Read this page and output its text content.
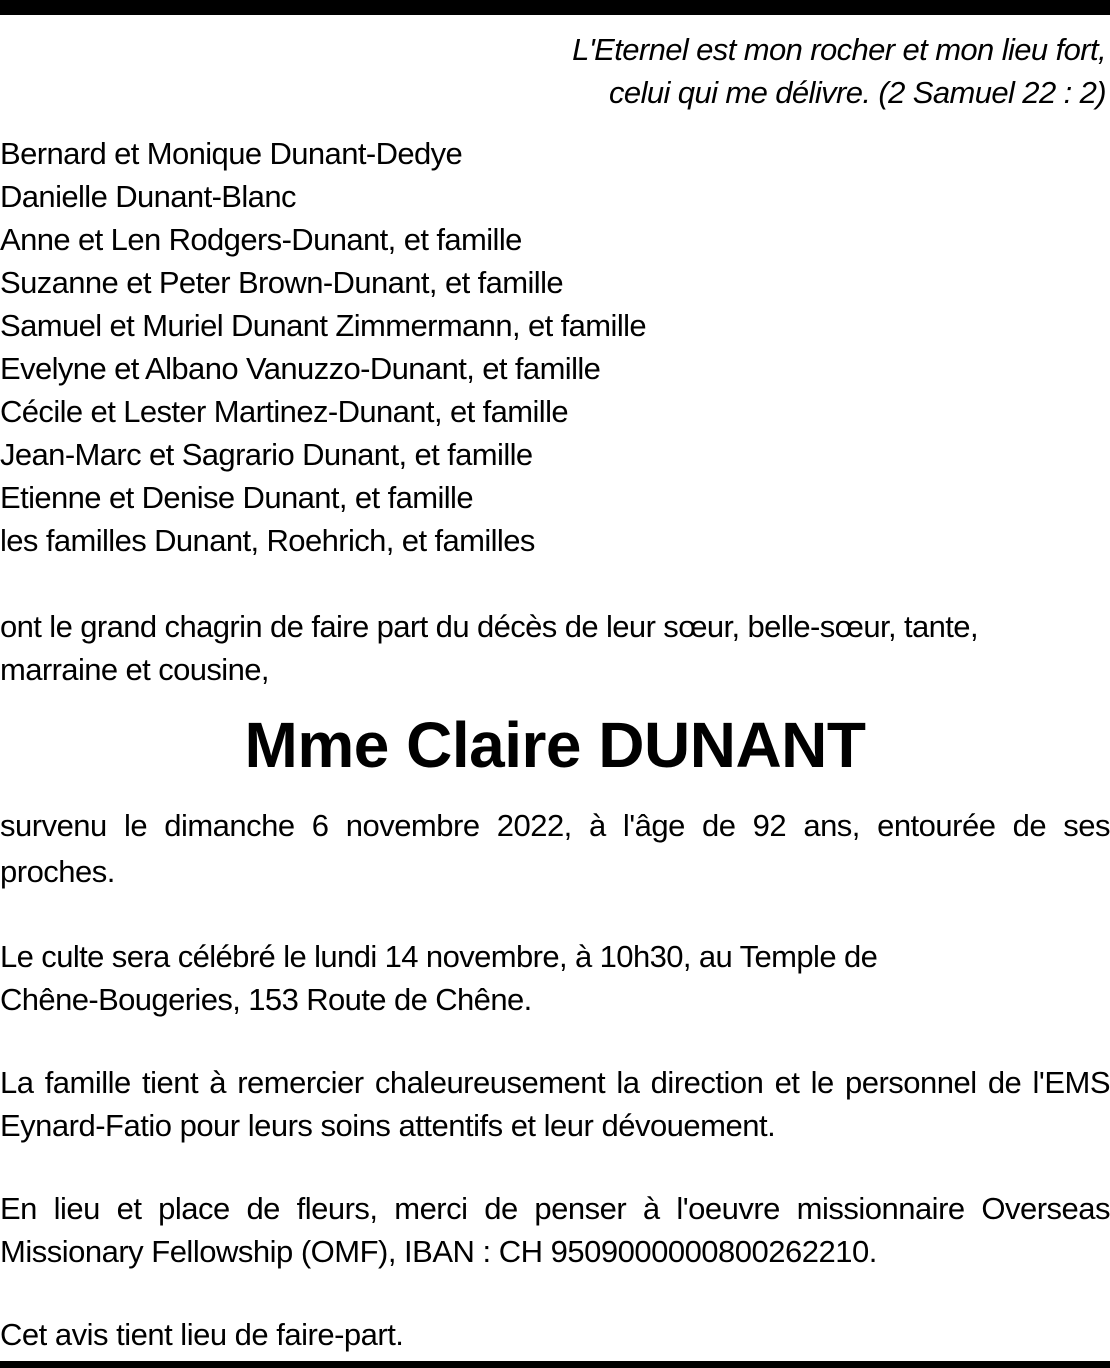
L'Eternel est mon rocher et mon lieu fort,

celui qui me délivre. (2 Samuel 22 : 2)

Bernard et Monique Dunant-Dedye

Danielle Dunant-Blanc

Anne et Len Rodgers-Dunant, et famille

Suzanne et Peter Brown-Dunant, et famille

Samuel et Muriel Dunant Zimmermann, et famille

Evelyne et Albano Vanuzzo-Dunant, et famille

Cécile et Lester Martinez-Dunant, et famille

Jean-Marc et Sagrario Dunant, et famille

Etienne et Denise Dunant, et famille

les familles Dunant, Roehrich, et familles

ont le grand chagrin de faire part du décès de leur sœur, belle-sœur, tante,

marraine et cousine,

Mme Claire DUNANT

survenu le dimanche 6 novembre 2022, à l'âge de 92 ans, entourée de ses proches.

Le culte sera célébré le lundi 14 novembre, à 10h30, au Temple de

Chêne-Bougeries, 153 Route de Chêne.

La famille tient à remercier chaleureusement la direction et le personnel de l'EMS Eynard-Fatio pour leurs soins attentifs et leur dévouement.

En lieu et place de fleurs, merci de penser à l'oeuvre missionnaire Overseas Missionary Fellowship (OMF), IBAN : CH 9509000000800262210.

Cet avis tient lieu de faire-part.
